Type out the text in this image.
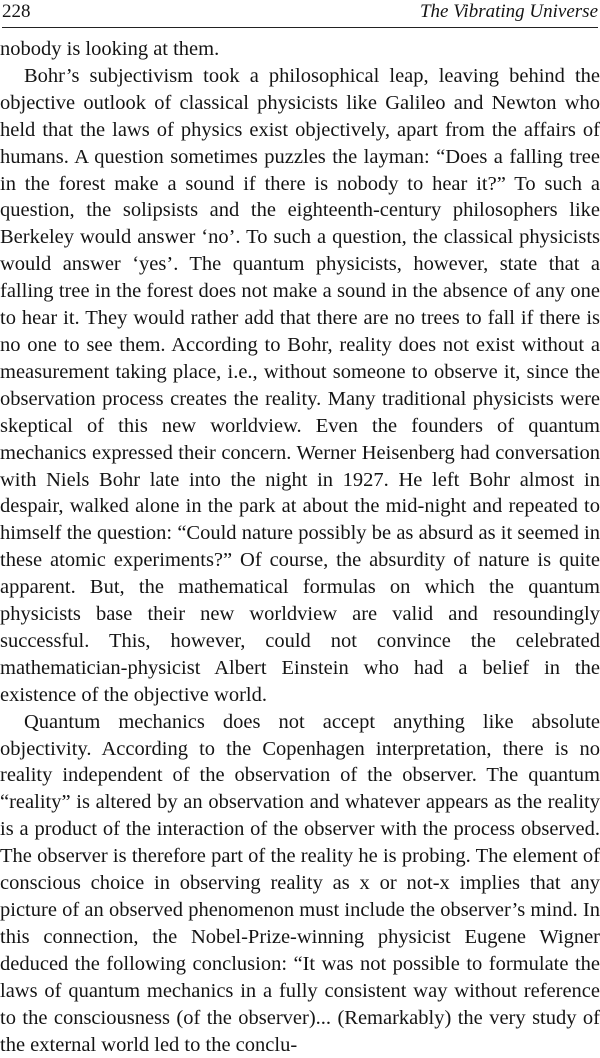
228	The Vibrating Universe

nobody is looking at them.

Bohr’s subjectivism took a philosophical leap, leaving behind the objective outlook of classical physicists like Galileo and Newton who held that the laws of physics exist objectively, apart from the affairs of humans. A question sometimes puzzles the layman: “Does a falling tree in the forest make a sound if there is nobody to hear it?” To such a question, the solipsists and the eighteenth-century philosophers like Berkeley would answer ‘no’. To such a question, the classical physicists would answer ‘yes’. The quantum physicists, however, state that a falling tree in the forest does not make a sound in the absence of any one to hear it. They would rather add that there are no trees to fall if there is no one to see them. According to Bohr, reality does not exist without a measurement taking place, i.e., without someone to observe it, since the observation process creates the reality. Many traditional physicists were skeptical of this new worldview. Even the founders of quantum mechanics expressed their concern. Werner Heisenberg had conversation with Niels Bohr late into the night in 1927. He left Bohr almost in despair, walked alone in the park at about the mid-night and repeated to himself the question: “Could nature possibly be as absurd as it seemed in these atomic experiments?” Of course, the absurdity of nature is quite apparent. But, the mathematical formulas on which the quantum physicists base their new worldview are valid and resoundingly successful. This, however, could not convince the celebrated mathematician-physicist Albert Einstein who had a belief in the existence of the objective world.

Quantum mechanics does not accept anything like absolute objectivity. According to the Copenhagen interpretation, there is no reality independent of the observation of the observer. The quantum “reality” is altered by an observation and whatever appears as the reality is a product of the interaction of the observer with the process observed. The observer is therefore part of the reality he is probing. The element of conscious choice in observing reality as x or not-x implies that any picture of an observed phenomenon must include the observer’s mind. In this connection, the Nobel-Prize-winning physicist Eugene Wigner deduced the following conclusion: “It was not possible to formulate the laws of quantum mechanics in a fully consistent way without reference to the consciousness (of the observer)... (Remarkably) the very study of the external world led to the conclu-
